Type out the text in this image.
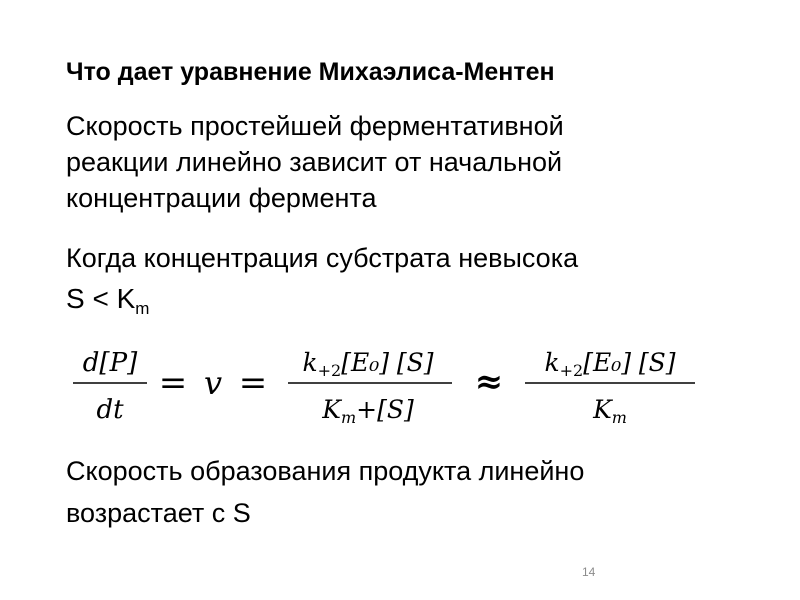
Что дает уравнение Михаэлиса-Ментен
Скорость простейшей ферментативной
реакции линейно зависит от начальной
концентрации фермента
Когда концентрация субстрата невысока
$S < K_m$
d[P]
dt
= v =
$k_{+2}[E_0]$ [S]
$K_m+[S]$
≈ $k_{+2}[E_0]$ [S]
$K_m$
Скорость образования продукта линейно
возрастает с S
14
